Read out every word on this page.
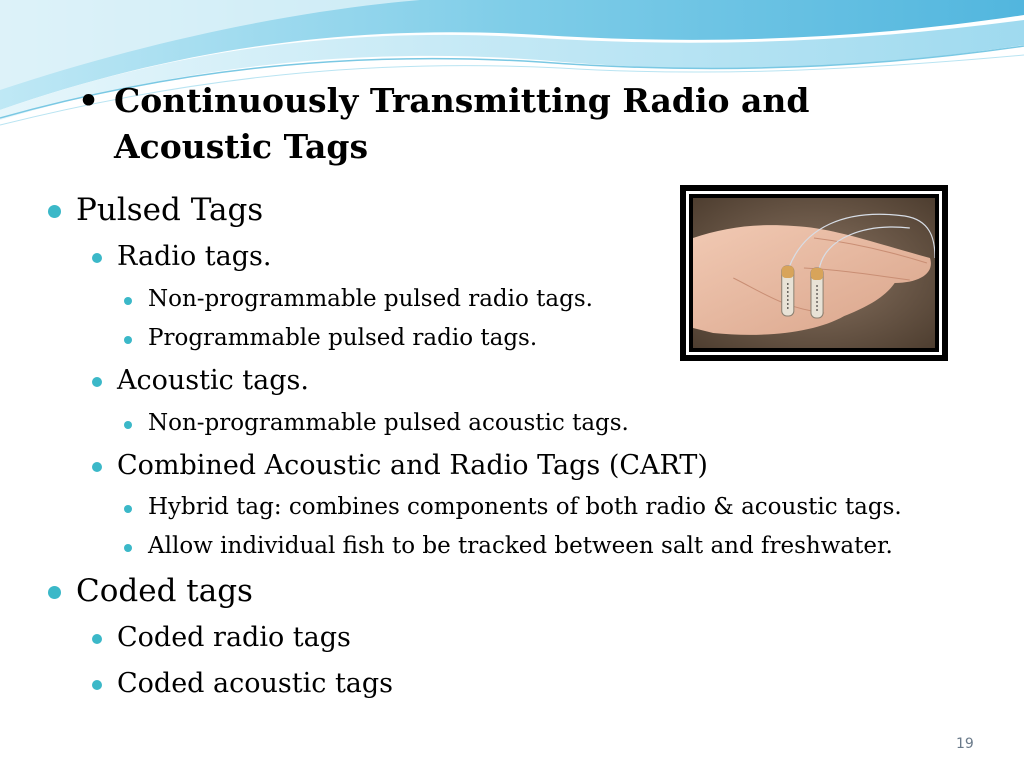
• Continuously Transmitting Radio and
Acoustic Tags
Pulsed Tags
Radio tags.
Non-programmable pulsed radio tags.
Programmable pulsed radio tags.
Acoustic tags.
Non-programmable pulsed acoustic tags.
Combined Acoustic and Radio Tags (CART)
Hybrid tag: combines components of both radio & acoustic tags.
Allow individual fish to be tracked between salt and freshwater.
Coded tags
Coded radio tags
Coded acoustic tags
19
